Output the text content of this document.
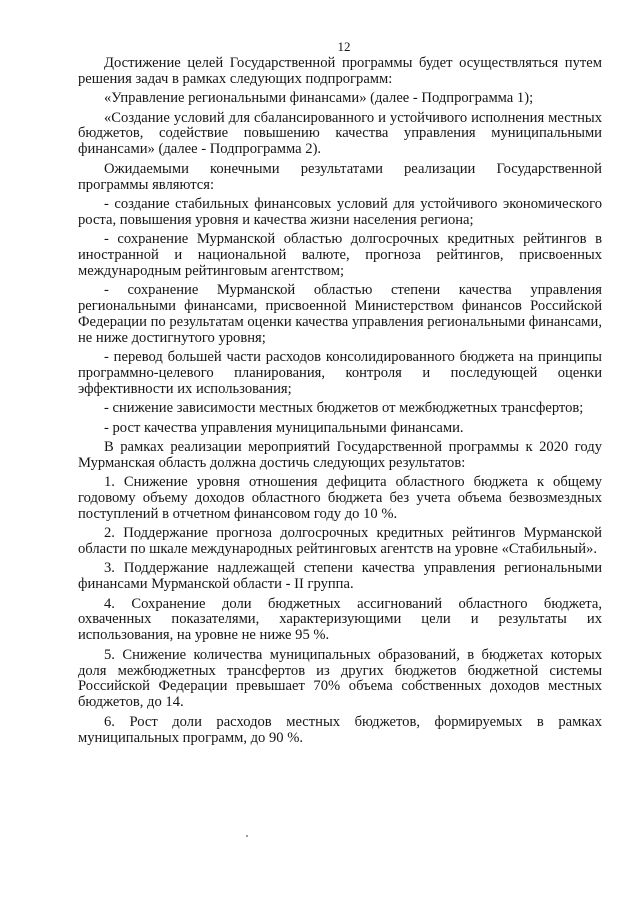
12

Достижение целей Государственной программы будет осуществляться путем решения задач в рамках следующих подпрограмм:

«Управление региональными финансами» (далее - Подпрограмма 1);

«Создание условий для сбалансированного и устойчивого исполнения местных бюджетов, содействие повышению качества управления муниципальными финансами» (далее - Подпрограмма 2).

Ожидаемыми конечными результатами реализации Государственной программы являются:

- создание стабильных финансовых условий для устойчивого экономического роста, повышения уровня и качества жизни населения региона;

- сохранение Мурманской областью долгосрочных кредитных рейтингов в иностранной и национальной валюте, прогноза рейтингов, присвоенных международным рейтинговым агентством;

- сохранение Мурманской областью степени качества управления региональными финансами, присвоенной Министерством финансов Российской Федерации по результатам оценки качества управления региональными финансами, не ниже достигнутого уровня;

- перевод большей части расходов консолидированного бюджета на принципы программно-целевого планирования, контроля и последующей оценки эффективности их использования;

- снижение зависимости местных бюджетов от межбюджетных трансфертов;

- рост качества управления муниципальными финансами.

В рамках реализации мероприятий Государственной программы к 2020 году Мурманская область должна достичь следующих результатов:

1. Снижение уровня отношения дефицита областного бюджета к общему годовому объему доходов областного бюджета без учета объема безвозмездных поступлений в отчетном финансовом году до 10 %.

2. Поддержание прогноза долгосрочных кредитных рейтингов Мурманской области по шкале международных рейтинговых агентств на уровне «Стабильный».

3. Поддержание надлежащей степени качества управления региональными финансами Мурманской области - II группа.

4. Сохранение доли бюджетных ассигнований областного бюджета, охваченных показателями, характеризующими цели и результаты их использования, на уровне не ниже 95 %.

5. Снижение количества муниципальных образований, в бюджетах которых доля межбюджетных трансфертов из других бюджетов бюджетной системы Российской Федерации превышает 70% объема собственных доходов местных бюджетов, до 14.

6. Рост доли расходов местных бюджетов, формируемых в рамках муниципальных программ, до 90 %.
